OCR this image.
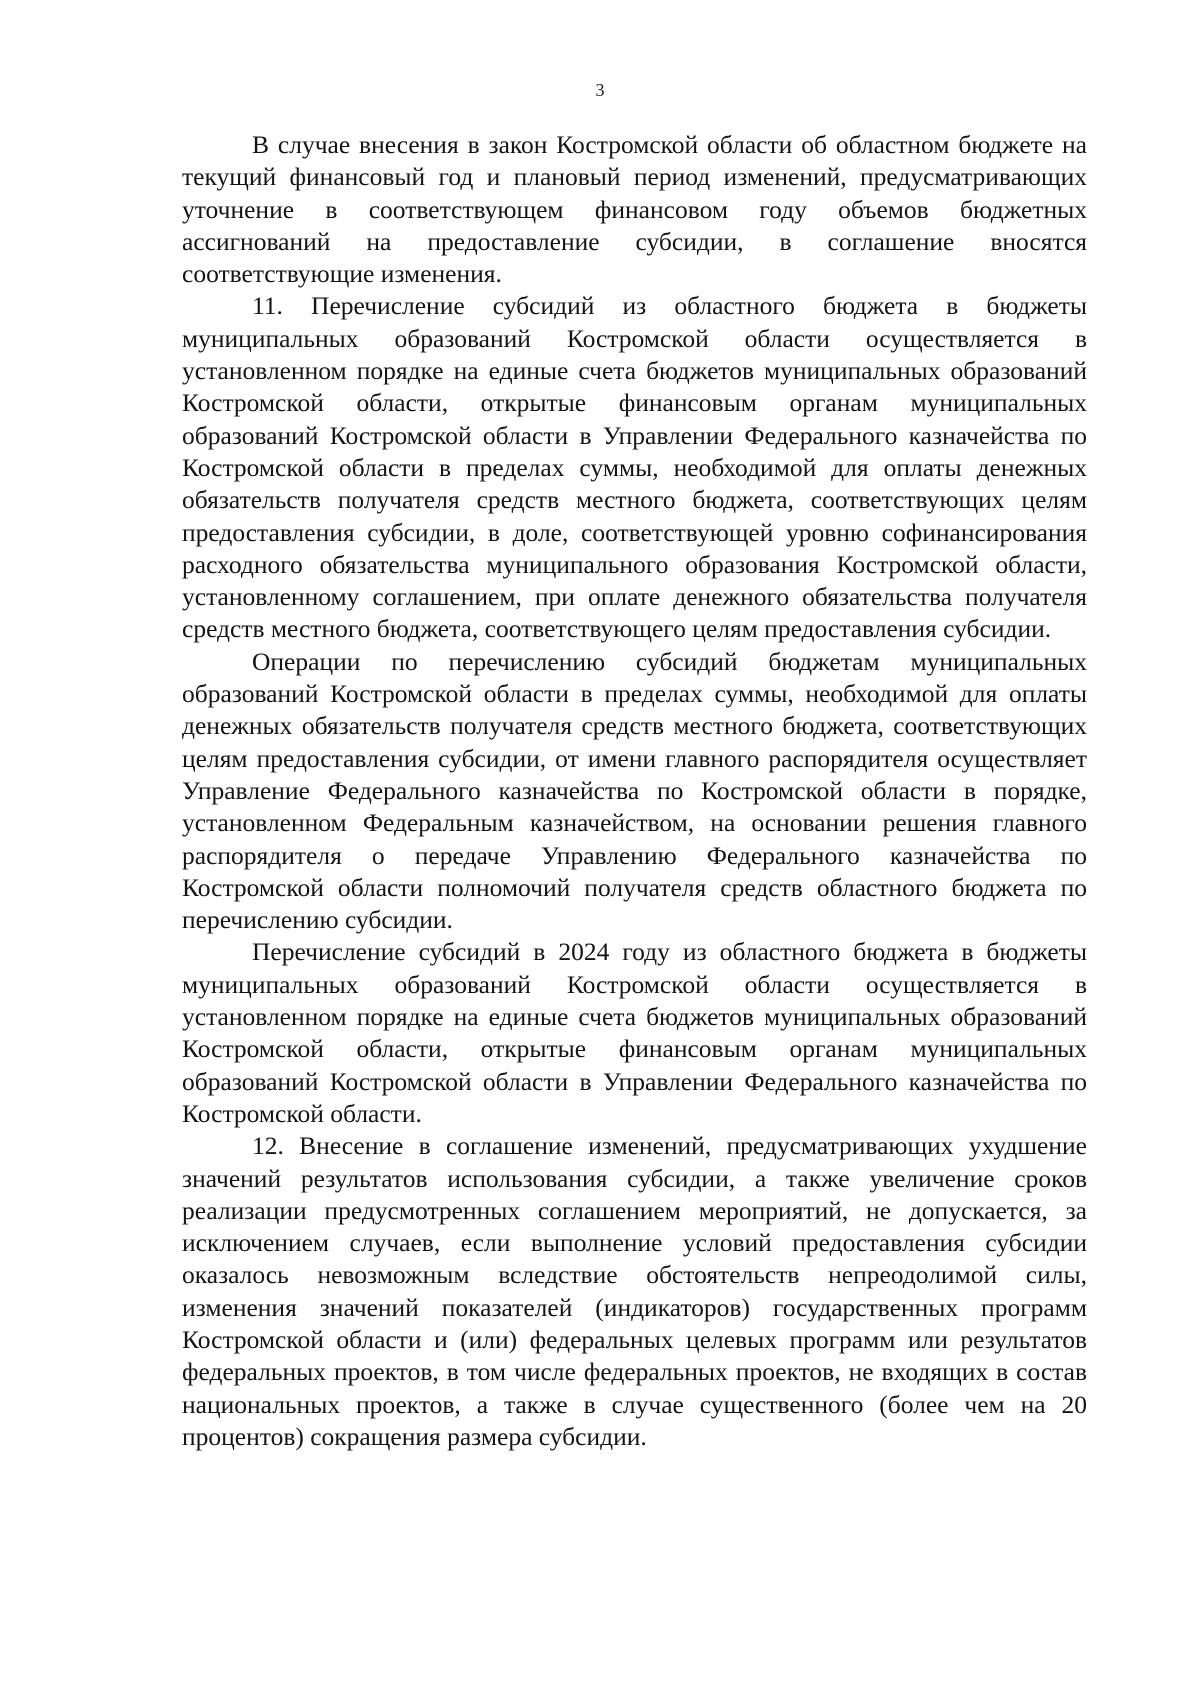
3

В случае внесения в закон Костромской области об областном бюджете на текущий финансовый год и плановый период изменений, предусматривающих уточнение в соответствующем финансовом году объемов бюджетных ассигнований на предоставление субсидии, в соглашение вносятся соответствующие изменения.

11. Перечисление субсидий из областного бюджета в бюджеты муниципальных образований Костромской области осуществляется в установленном порядке на единые счета бюджетов муниципальных образований Костромской области, открытые финансовым органам муниципальных образований Костромской области в Управлении Федерального казначейства по Костромской области в пределах суммы, необходимой для оплаты денежных обязательств получателя средств местного бюджета, соответствующих целям предоставления субсидии, в доле, соответствующей уровню софинансирования расходного обязательства муниципального образования Костромской области, установленному соглашением, при оплате денежного обязательства получателя средств местного бюджета, соответствующего целям предоставления субсидии.

Операции по перечислению субсидий бюджетам муниципальных образований Костромской области в пределах суммы, необходимой для оплаты денежных обязательств получателя средств местного бюджета, соответствующих целям предоставления субсидии, от имени главного распорядителя осуществляет Управление Федерального казначейства по Костромской области в порядке, установленном Федеральным казначейством, на основании решения главного распорядителя о передаче Управлению Федерального казначейства по Костромской области полномочий получателя средств областного бюджета по перечислению субсидии.

Перечисление субсидий в 2024 году из областного бюджета в бюджеты муниципальных образований Костромской области осуществляется в установленном порядке на единые счета бюджетов муниципальных образований Костромской области, открытые финансовым органам муниципальных образований Костромской области в Управлении Федерального казначейства по Костромской области.

12. Внесение в соглашение изменений, предусматривающих ухудшение значений результатов использования субсидии, а также увеличение сроков реализации предусмотренных соглашением мероприятий, не допускается, за исключением случаев, если выполнение условий предоставления субсидии оказалось невозможным вследствие обстоятельств непреодолимой силы, изменения значений показателей (индикаторов) государственных программ Костромской области и (или) федеральных целевых программ или результатов федеральных проектов, в том числе федеральных проектов, не входящих в состав национальных проектов, а также в случае существенного (более чем на 20 процентов) сокращения размера субсидии.
